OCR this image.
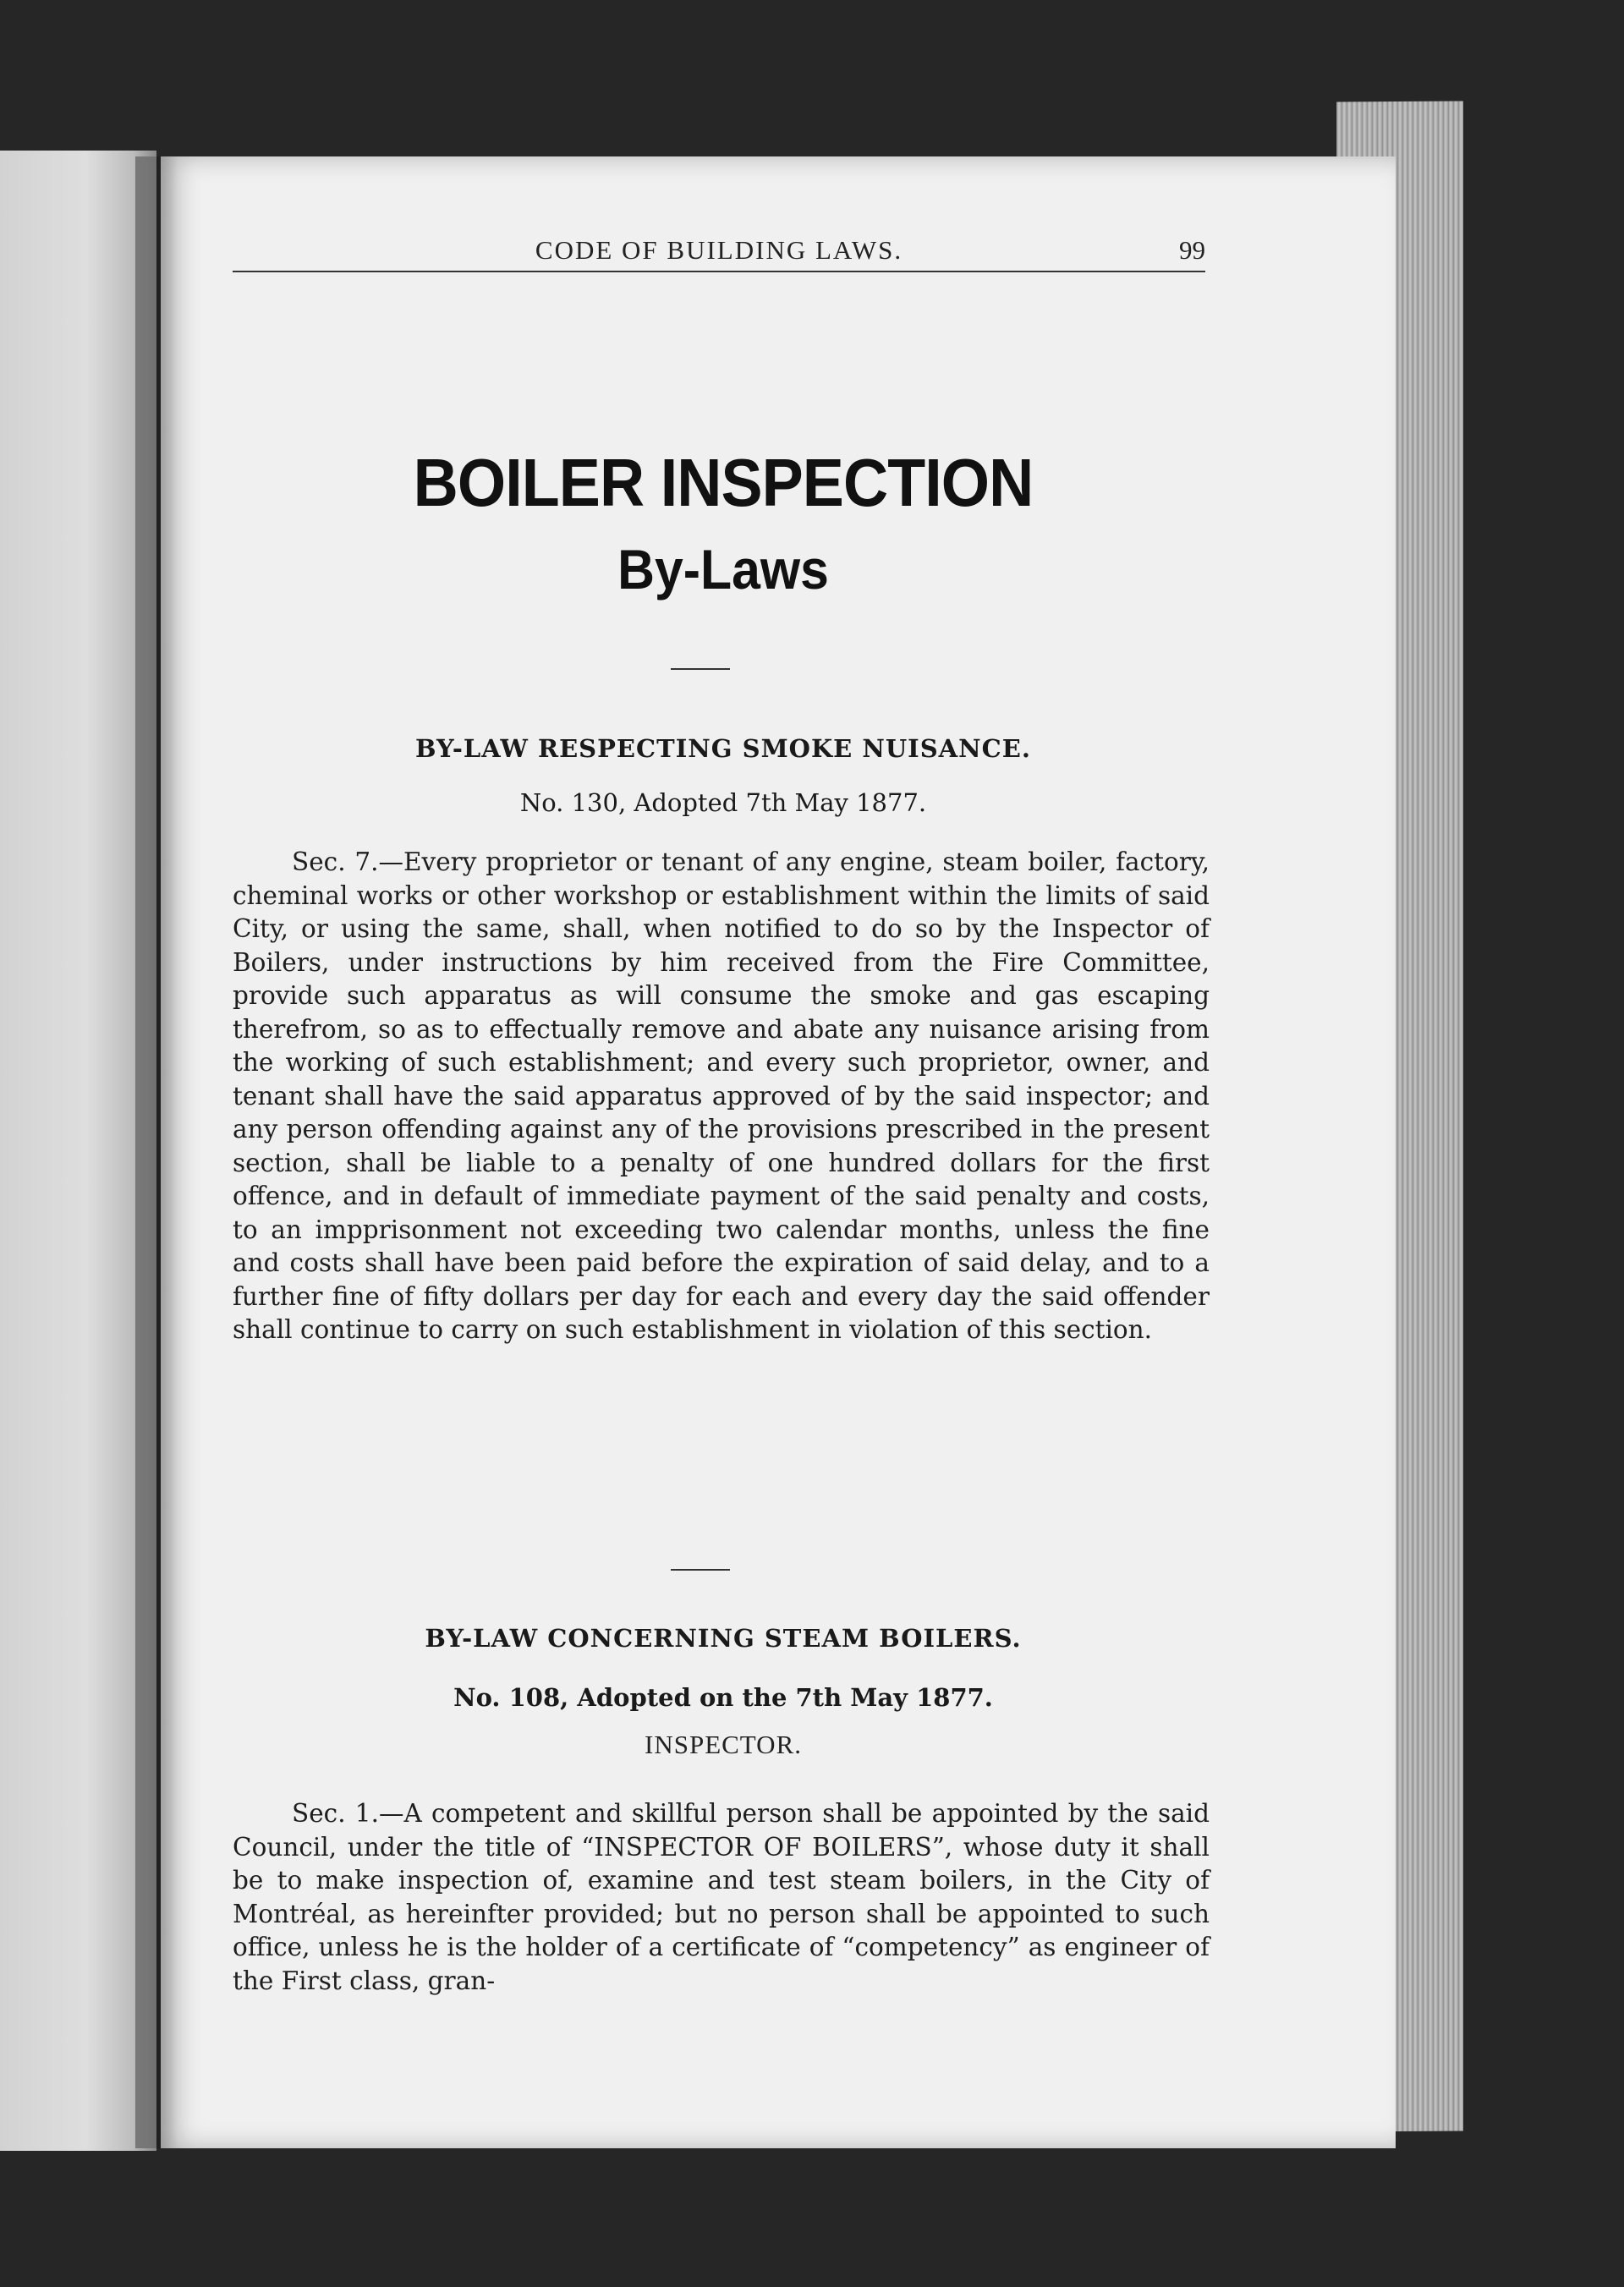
CODE OF BUILDING LAWS.	99
BOILER INSPECTION
By-Laws
BY-LAW RESPECTING SMOKE NUISANCE.
No. 130, Adopted 7th May 1877.
Sec. 7.—Every proprietor or tenant of any engine, steam boiler, factory, cheminal works or other workshop or establishment within the limits of said City, or using the same, shall, when notified to do so by the Inspector of Boilers, under instructions by him received from the Fire Committee, provide such apparatus as will consume the smoke and gas escaping therefrom, so as to effectually remove and abate any nuisance arising from the working of such establishment; and every such proprietor, owner, and tenant shall have the said apparatus approved of by the said inspector; and any person offending against any of the provisions prescribed in the present section, shall be liable to a penalty of one hundred dollars for the first offence, and in default of immediate payment of the said penalty and costs, to an impprisonment not exceeding two calendar months, unless the fine and costs shall have been paid before the expiration of said delay, and to a further fine of fifty dollars per day for each and every day the said offender shall continue to carry on such establishment in violation of this section.
BY-LAW CONCERNING STEAM BOILERS.
No. 108, Adopted on the 7th May 1877.
INSPECTOR.
Sec. 1.—A competent and skillful person shall be appointed by the said Council, under the title of “INSPECTOR OF BOILERS”, whose duty it shall be to make inspection of, examine and test steam boilers, in the City of Montréal, as hereinfter provided; but no person shall be appointed to such office, unless he is the holder of a certificate of “competency” as engineer of the First class, gran-
